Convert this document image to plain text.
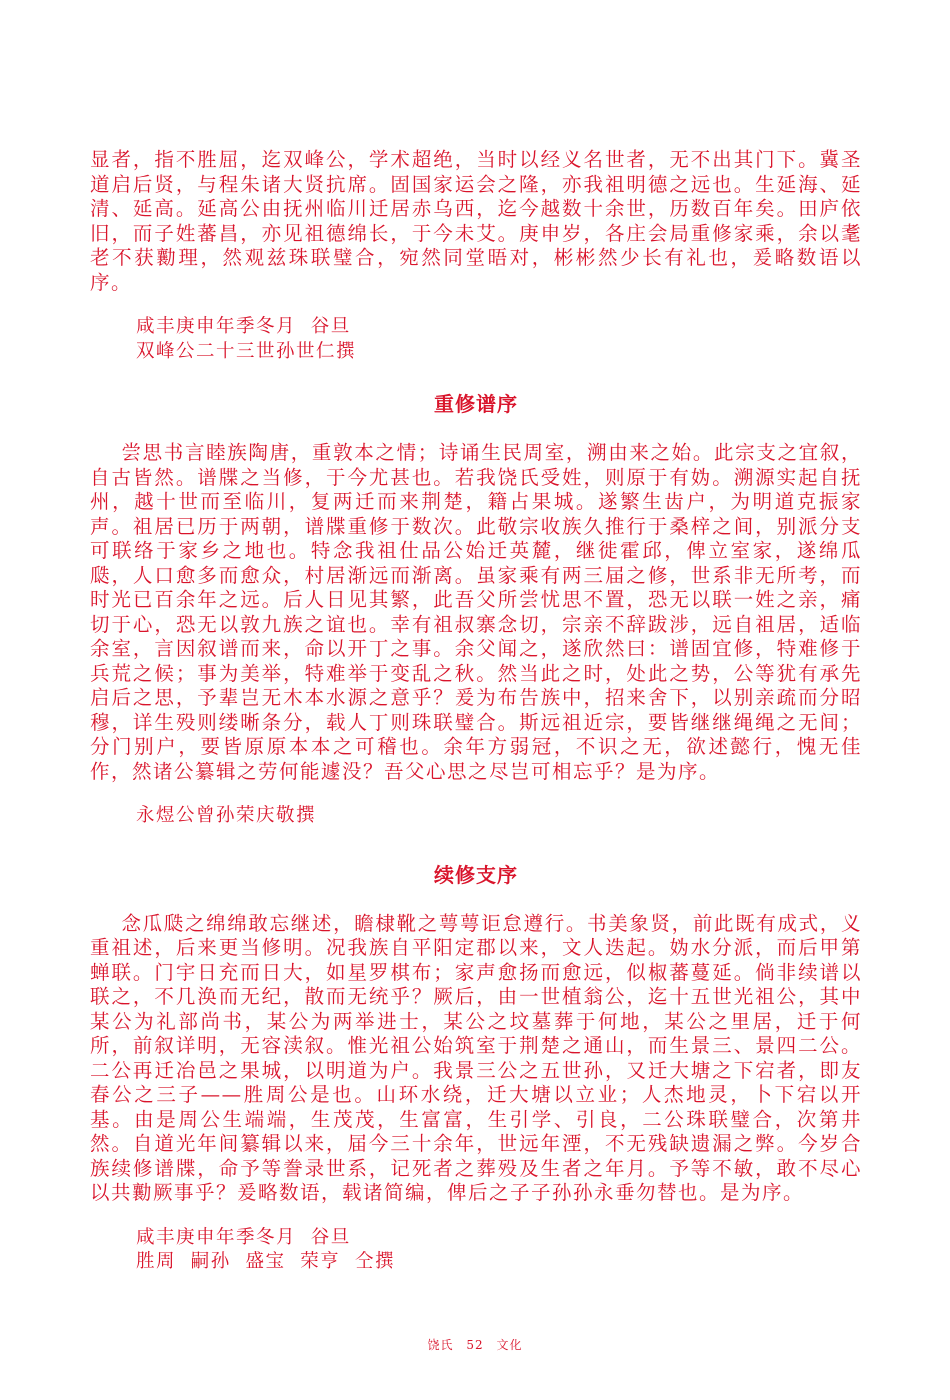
显者，指不胜屈，迄双峰公，学术超绝，当时以经义名世者，无不出其门下。冀圣道启后贤，与程朱诸大贤抗席。固国家运会之隆，亦我祖明德之远也。生延海、延清、延高。延高公由抚州临川迁居赤乌西，迄今越数十余世，历数百年矣。田庐依旧，而子姓蕃昌，亦见祖德绵长，于今未艾。庚申岁，各庄会局重修家乘，余以耄老不获勷理，然观兹珠联璧合，宛然同堂晤对，彬彬然少长有礼也，爰略数语以序。

咸丰庚申年季冬月  谷旦

双峰公二十三世孙世仁撰

重修谱序

尝思书言睦族陶唐，重敦本之情；诗诵生民周室，溯由来之始。此宗支之宜叙，自古皆然。谱牒之当修，于今尤甚也。若我饶氏受姓，则原于有妫。溯源实起自抚州，越十世而至临川，复两迁而来荆楚，籍占果城。遂繁生齿户，为明道克振家声。祖居已历于两朝，谱牒重修于数次。此敬宗收族久推行于桑梓之间，别派分支可联络于家乡之地也。特念我祖仕品公始迁英麓，继徙霍邱，俾立室家，遂绵瓜瓞，人口愈多而愈众，村居渐远而渐离。虽家乘有两三届之修，世系非无所考，而时光已百余年之远。后人日见其繁，此吾父所尝忧思不置，恐无以联一姓之亲，痛切于心，恐无以敦九族之谊也。幸有祖叔寨念切，宗亲不辞跋涉，远自祖居，适临余室，言因叙谱而来，命以开丁之事。余父闻之，遂欣然曰：谱固宜修，特难修于兵荒之候；事为美举，特难举于变乱之秋。然当此之时，处此之势，公等犹有承先启后之思，予辈岂无木本水源之意乎？爰为布告族中，招来舍下，以别亲疏而分昭穆，详生殁则缕晰条分，载人丁则珠联璧合。斯远祖近宗，要皆继继绳绳之无间；分门别户，要皆原原本本之可稽也。余年方弱冠，不识之无，欲述懿行，愧无佳作，然诸公纂辑之劳何能遽没？吾父心思之尽岂可相忘乎？是为序。

永煜公曾孙荣庆敬撰

续修支序

念瓜瓞之绵绵敢忘继述，瞻棣靴之萼萼讵怠遵行。书美象贤，前此既有成式，义重祖述，后来更当修明。况我族自平阳定郡以来，文人迭起。妫水分派，而后甲第蝉联。门宇日充而日大，如星罗棋布；家声愈扬而愈远，似椒蕃蔓延。倘非续谱以联之，不几涣而无纪，散而无统乎？厥后，由一世植翁公，迄十五世光祖公，其中某公为礼部尚书，某公为两举进士，某公之坟墓葬于何地，某公之里居，迁于何所，前叙详明，无容渎叙。惟光祖公始筑室于荆楚之通山，而生景三、景四二公。二公再迁冶邑之果城，以明道为户。我景三公之五世孙，又迁大塘之下宕者，即友春公之三子——胜周公是也。山环水绕，迁大塘以立业；人杰地灵，卜下宕以开基。由是周公生端端，生茂茂，生富富，生引学、引良，二公珠联璧合，次第井然。自道光年间纂辑以来，届今三十余年，世远年湮，不无残缺遗漏之弊。今岁合族续修谱牒，命予等誊录世系，记死者之葬殁及生者之年月。予等不敏，敢不尽心以共勷厥事乎？爰略数语，载诸简编，俾后之子子孙孙永垂勿替也。是为序。

咸丰庚申年季冬月  谷旦

胜周  嗣孙  盛宝  荣亨  仝撰

饶氏 52 文化
